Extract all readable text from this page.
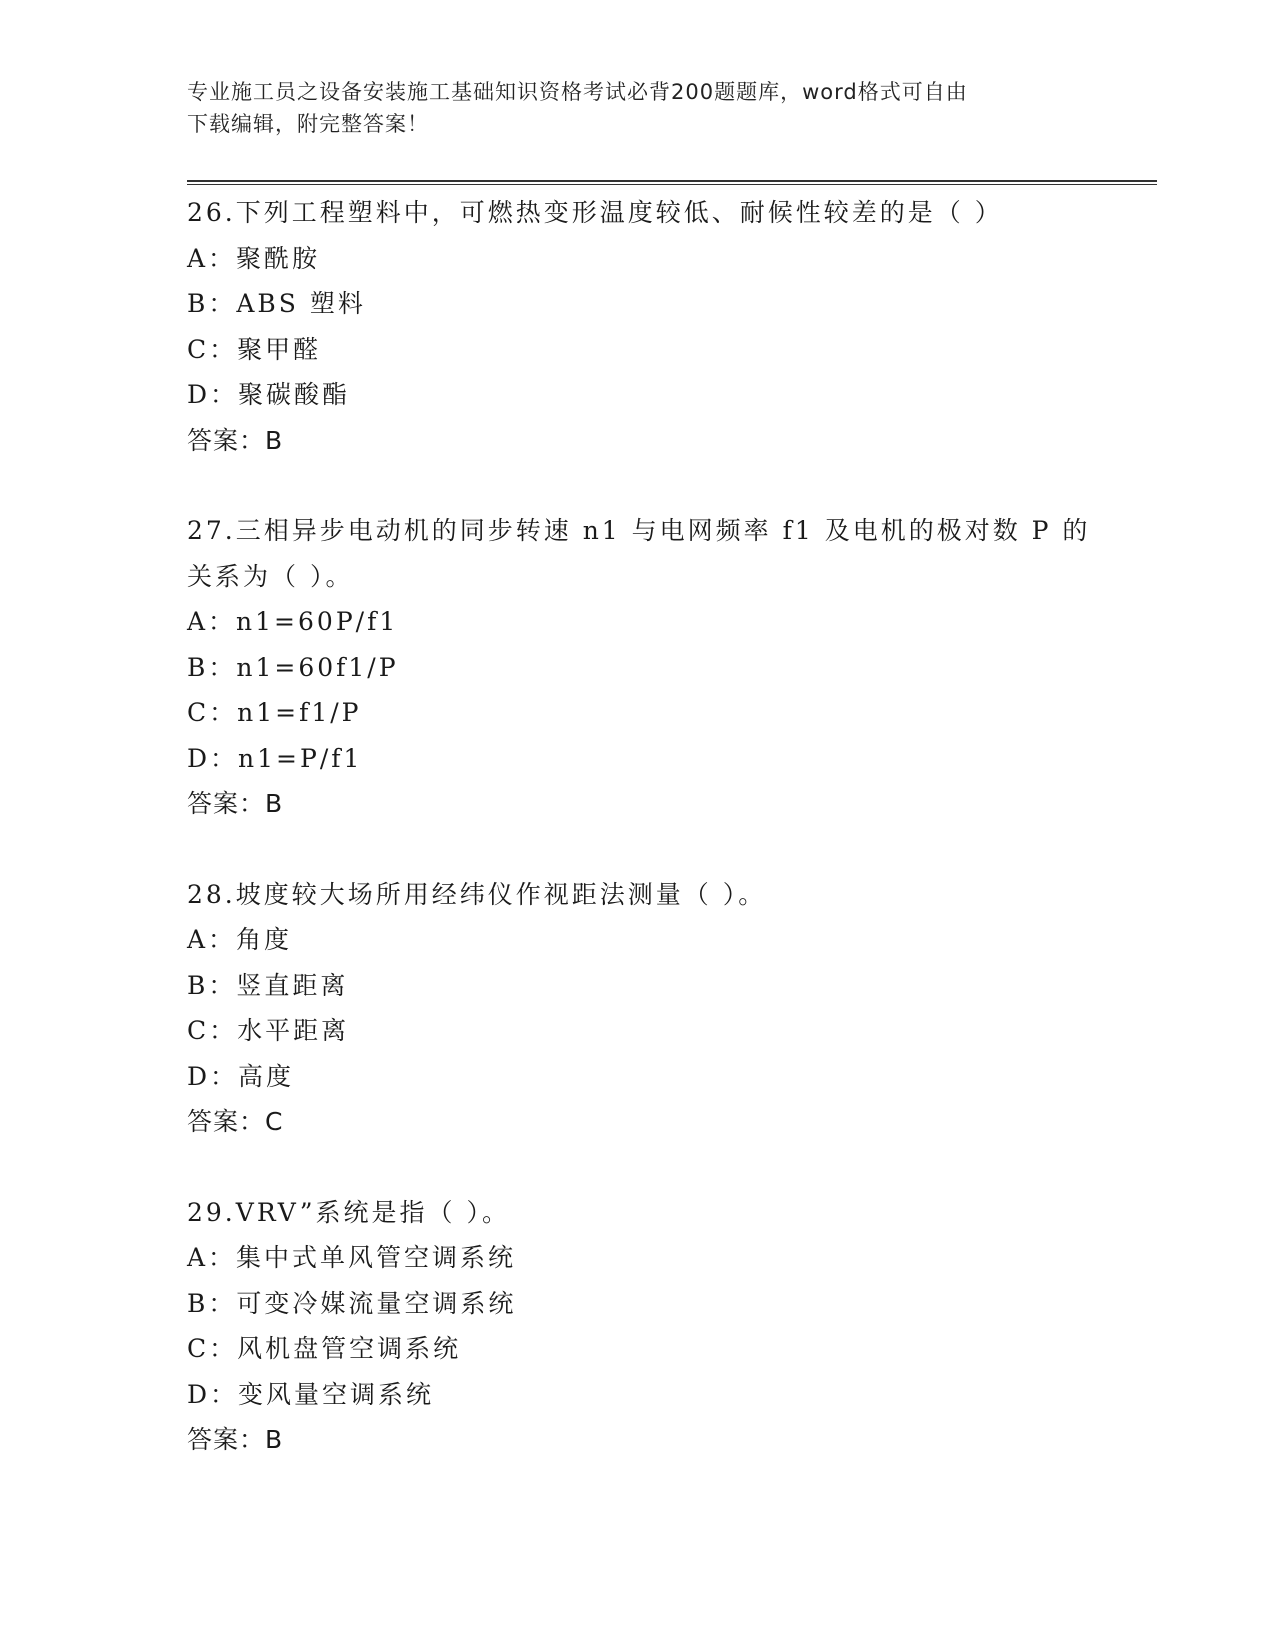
专业施工员之设备安装施工基础知识资格考试必背200题题库，word格式可自由
下载编辑，附完整答案！
26.下列工程塑料中，可燃热变形温度较低、耐候性较差的是（ ）
A：聚酰胺
B：ABS 塑料
C：聚甲醛
D：聚碳酸酯
答案：B
27.三相异步电动机的同步转速 n1 与电网频率 f1 及电机的极对数 P 的
关系为（ ）。
A：n1=60P/f1
B：n1=60f1/P
C：n1=f1/P
D：n1=P/f1
答案：B
28.坡度较大场所用经纬仪作视距法测量（ ）。
A：角度
B：竖直距离
C：水平距离
D：高度
答案：C
29.VRV”系统是指（ ）。
A：集中式单风管空调系统
B：可变冷媒流量空调系统
C：风机盘管空调系统
D：变风量空调系统
答案：B
